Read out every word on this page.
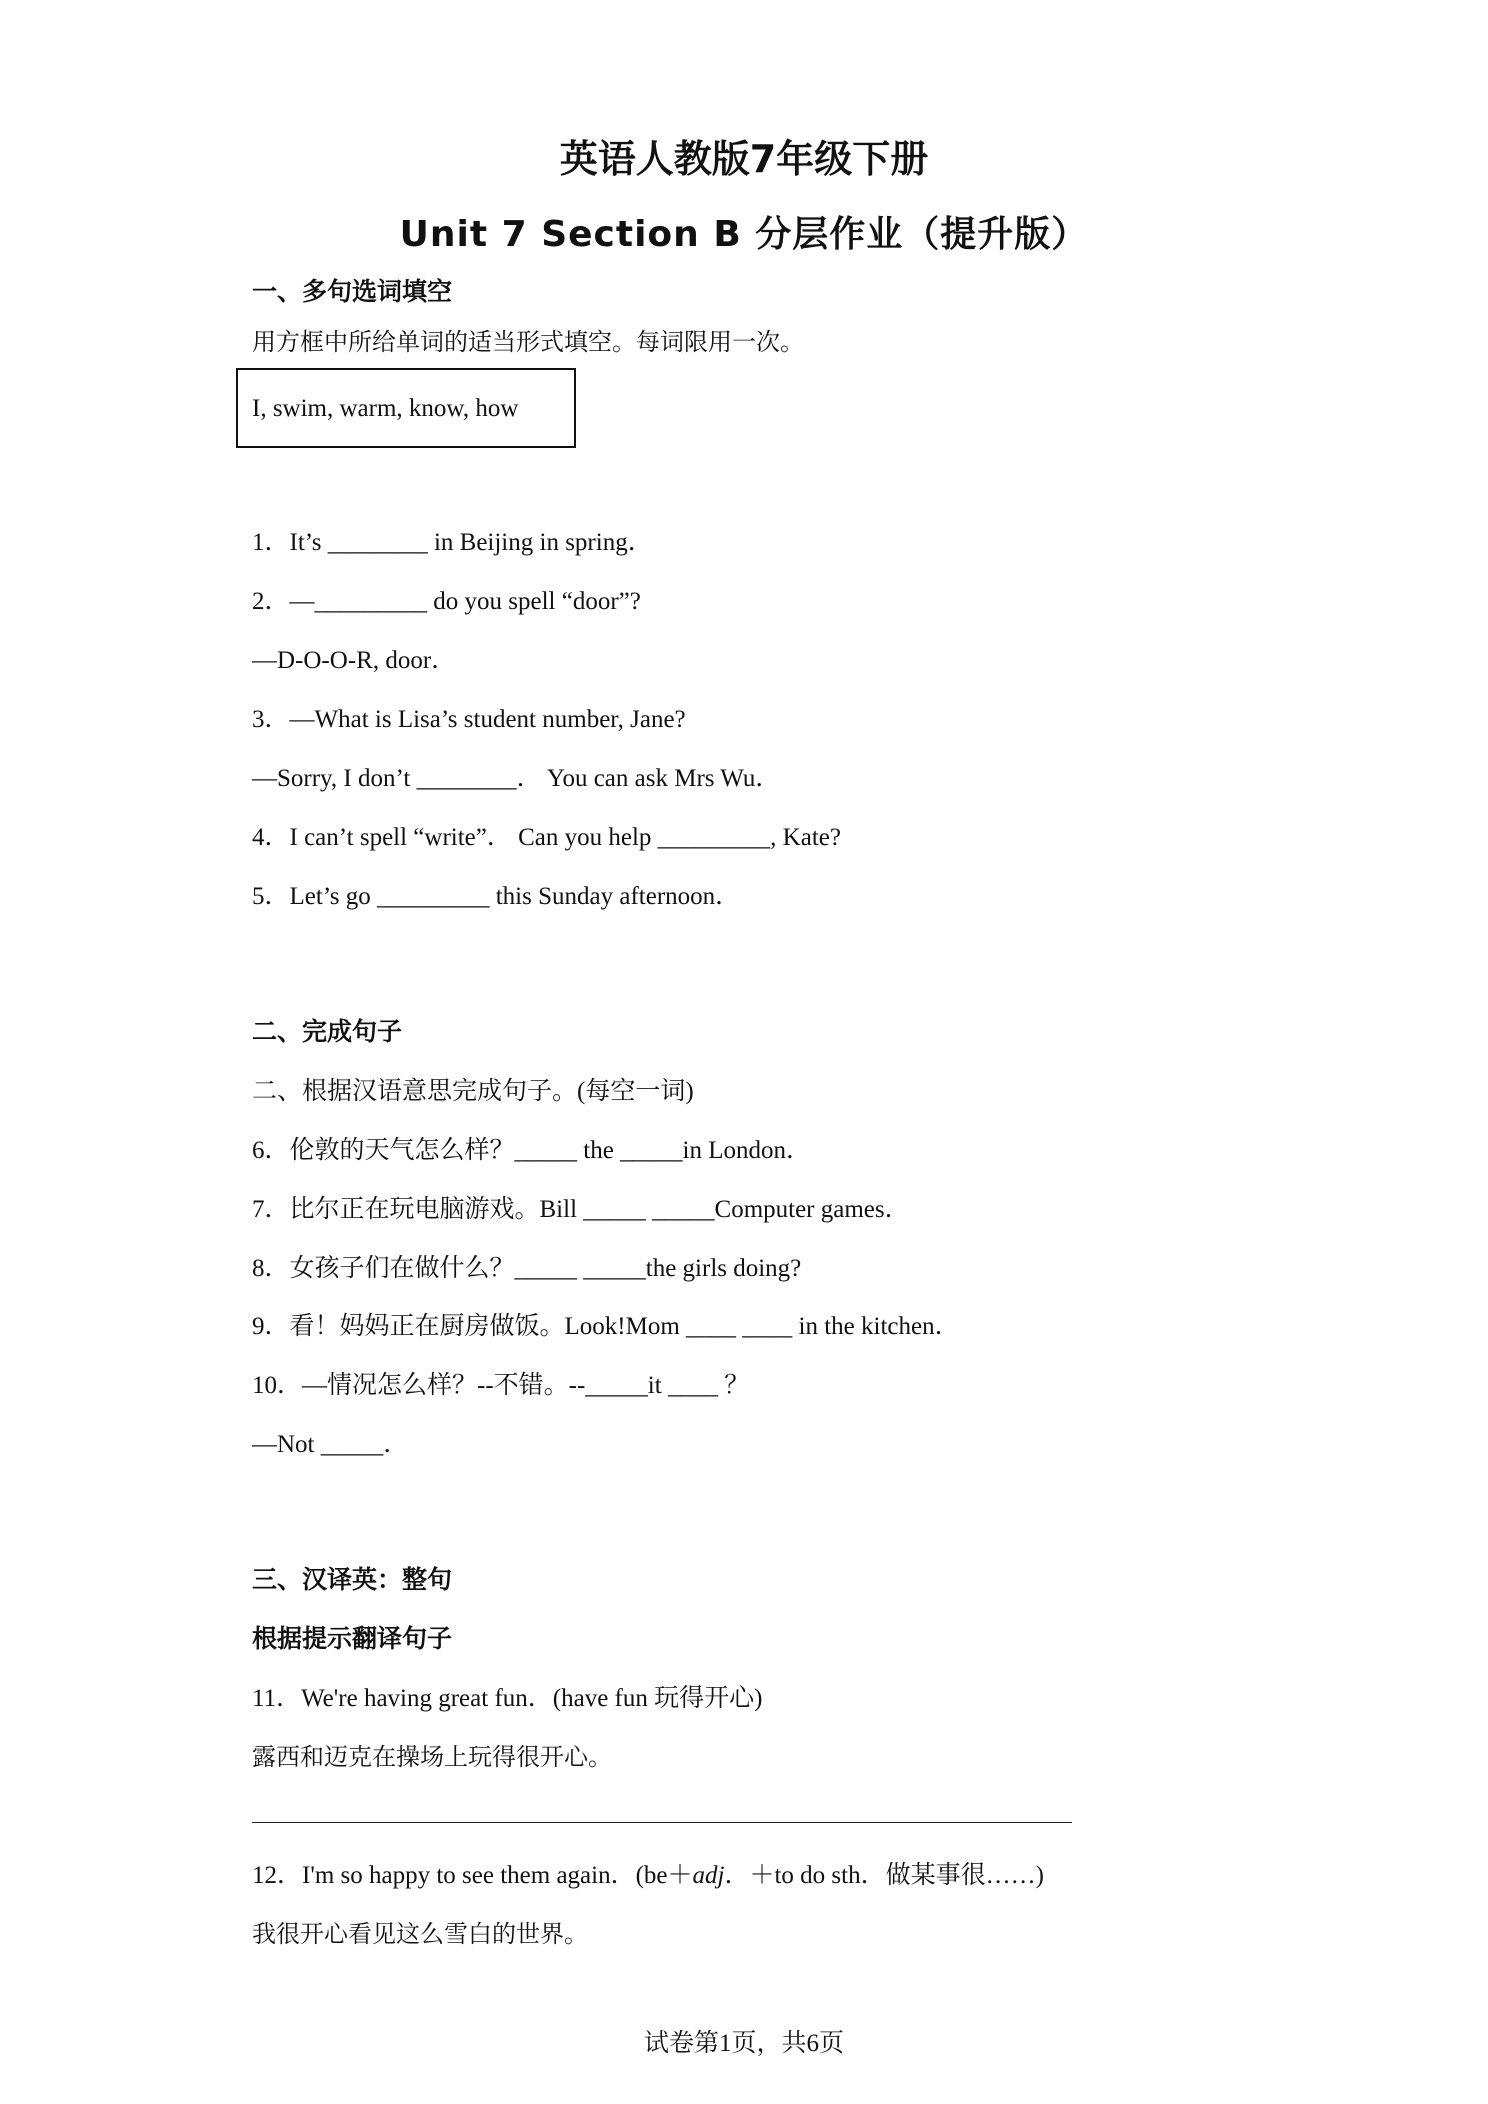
英语人教版7年级下册
Unit 7 Section B 分层作业（提升版）
一、多句选词填空
用方框中所给单词的适当形式填空。每词限用一次。
I, swim, warm, know, how
1．It’s ________ in Beijing in spring．
2．—_________ do you spell “door”?
—D-O-O-R, door．
3．—What is Lisa’s student number, Jane?
—Sorry, I don’t ________． You can ask Mrs Wu．
4．I can’t spell “write”． Can you help _________, Kate?
5．Let’s go _________ this Sunday afternoon．
二、完成句子
二、根据汉语意思完成句子。(每空一词)
6．伦敦的天气怎么样？_____ the _____in London．
7．比尔正在玩电脑游戏。Bill _____ _____Computer games．
8．女孩子们在做什么？_____ _____the girls doing?
9．看！妈妈正在厨房做饭。Look!Mom ____ ____ in the kitchen．
10．—情况怎么样？--不错。--_____it ____ ？
—Not _____．
三、汉译英：整句
根据提示翻译句子
11．We're having great fun．(have fun 玩得开心)
露西和迈克在操场上玩得很开心。
12．I'm so happy to see them again．(be＋adj．＋to do sth．做某事很……)
我很开心看见这么雪白的世界。
试卷第1页，共6页
